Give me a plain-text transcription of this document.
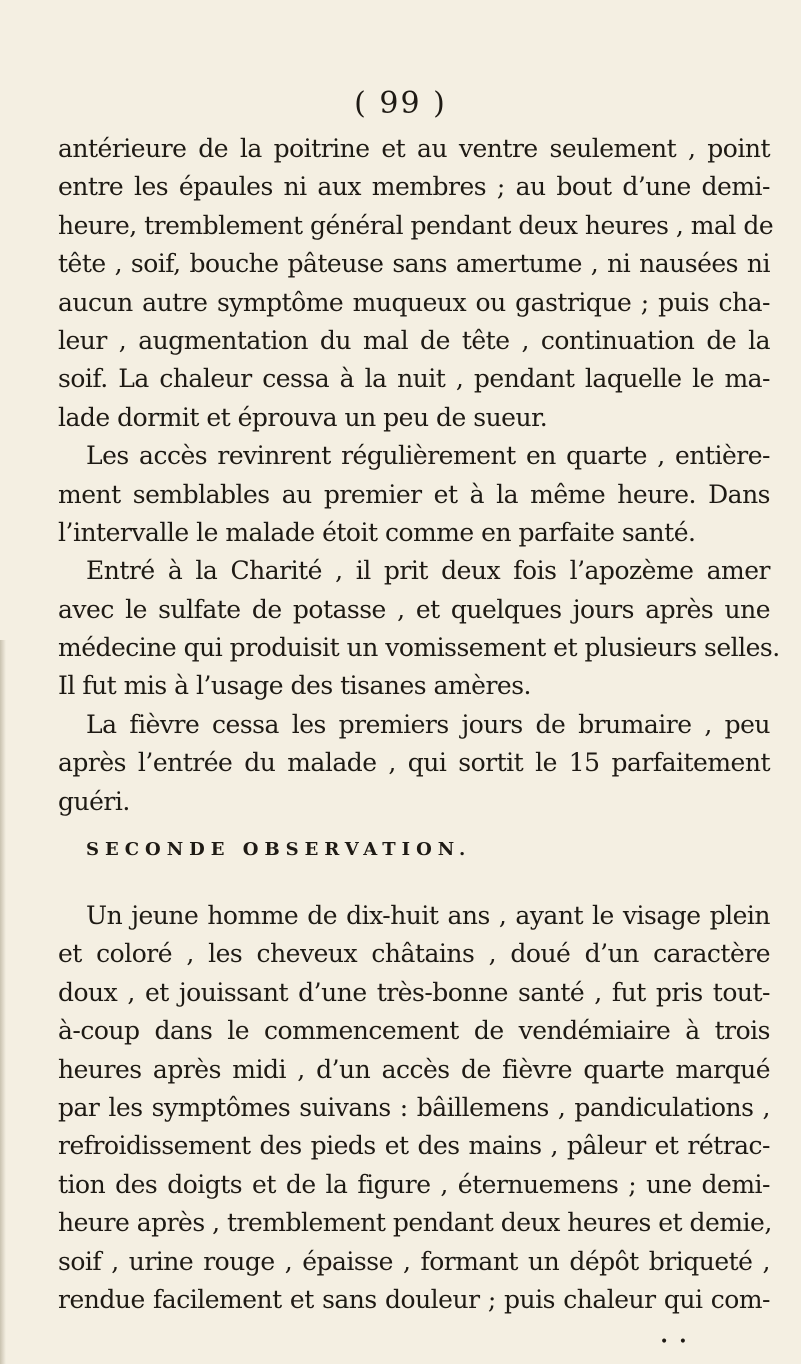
( 99 )
antérieure de la poitrine et au ventre seulement , point
entre les épaules ni aux membres ; au bout d’une demi-
heure, tremblement général pendant deux heures , mal de
tête , soif, bouche pâteuse sans amertume , ni nausées ni
aucun autre symptôme muqueux ou gastrique ; puis cha-
leur , augmentation du mal de tête , continuation de la
soif. La chaleur cessa à la nuit , pendant laquelle le ma-
lade dormit et éprouva un peu de sueur.
Les accès revinrent régulièrement en quarte , entière-
ment semblables au premier et à la même heure. Dans
l’intervalle le malade étoit comme en parfaite santé.
Entré à la Charité , il prit deux fois l’apozème amer
avec le sulfate de potasse , et quelques jours après une
médecine qui produisit un vomissement et plusieurs selles.
Il fut mis à l’usage des tisanes amères.
La fièvre cessa les premiers jours de brumaire , peu
après l’entrée du malade , qui sortit le 15 parfaitement
guéri.
SECONDE OBSERVATION.
Un jeune homme de dix-huit ans , ayant le visage plein
et coloré , les cheveux châtains , doué d’un caractère
doux , et jouissant d’une très-bonne santé , fut pris tout-
à-coup dans le commencement de vendémiaire à trois
heures après midi , d’un accès de fièvre quarte marqué
par les symptômes suivans : bâillemens , pandiculations ,
refroidissement des pieds et des mains , pâleur et rétrac-
tion des doigts et de la figure , éternuemens ; une demi-
heure après , tremblement pendant deux heures et demie,
soif , urine rouge , épaisse , formant un dépôt briqueté ,
rendue facilement et sans douleur ; puis chaleur qui com-
• •
